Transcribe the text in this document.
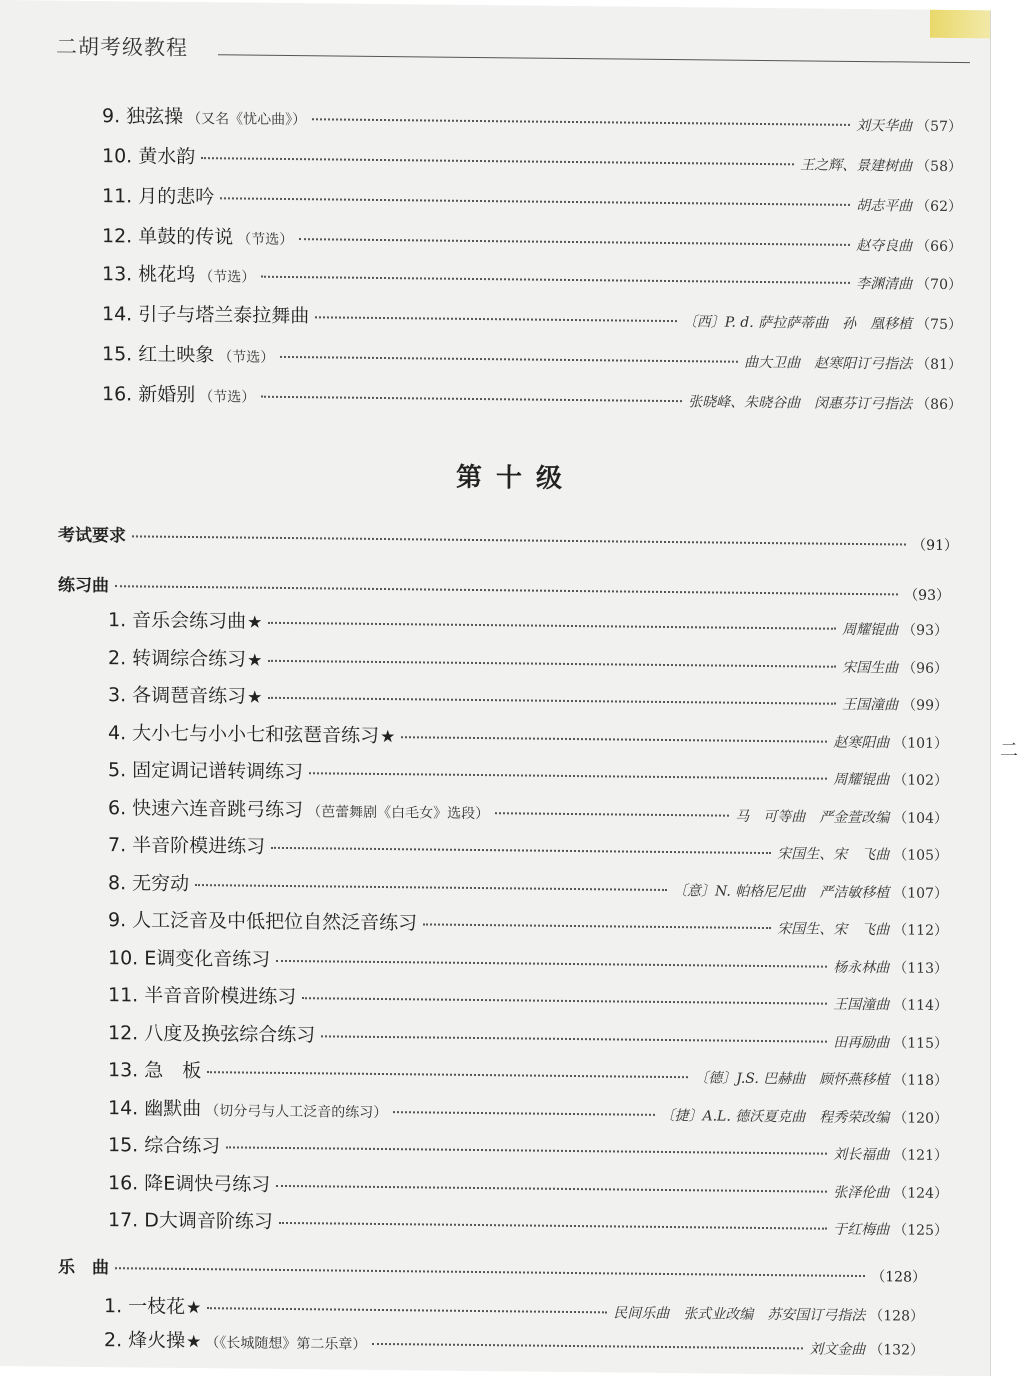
二胡考级教程
9. 独弦操 （又名《忧心曲》）	刘天华曲 （57）
10. 黄水韵	王之辉、景建树曲 （58）
11. 月的悲吟	胡志平曲 （62）
12. 单鼓的传说 （节选）	赵夺良曲 （66）
13. 桃花坞 （节选）	李渊清曲 （70）
14. 引子与塔兰泰拉舞曲	〔西〕P. d. 萨拉萨蒂曲　孙　凰移植 （75）
15. 红土映象 （节选）	曲大卫曲　赵寒阳订弓指法 （81）
16. 新婚别 （节选）	张晓峰、朱晓谷曲　闵惠芬订弓指法 （86）
考试要求	（91）
练习曲	（93）
1. 音乐会练习曲 ★	周耀锟曲 （93）
2. 转调综合练习 ★	宋国生曲 （96）
3. 各调琶音练习 ★	王国潼曲 （99）
4. 大小七与小小七和弦琶音练习 ★	赵寒阳曲 （101）
5. 固定调记谱转调练习	周耀锟曲 （102）
6. 快速六连音跳弓练习 （芭蕾舞剧《白毛女》选段）	马　可等曲　严金萱改编 （104）
7. 半音阶模进练习	宋国生、宋　飞曲 （105）
8. 无穷动	〔意〕N. 帕格尼尼曲　严洁敏移植 （107）
9. 人工泛音及中低把位自然泛音练习	宋国生、宋　飞曲 （112）
10. E调变化音练习	杨永林曲 （113）
11. 半音音阶模进练习	王国潼曲 （114）
12. 八度及换弦综合练习	田再励曲 （115）
13. 急　板	〔德〕J.S. 巴赫曲　顾怀燕移植 （118）
14. 幽默曲 （切分弓与人工泛音的练习）	〔捷〕A.L. 德沃夏克曲　程秀荣改编 （120）
15. 综合练习	刘长福曲 （121）
16. 降E调快弓练习	张泽伦曲 （124）
17. D大调音阶练习	于红梅曲 （125）
乐　曲	（128）
1. 一枝花 ★	民间乐曲　张式业改编　苏安国订弓指法 （128）
2. 烽火操 ★ （《长城随想》第二乐章）	刘文金曲 （132）
第十级
二
